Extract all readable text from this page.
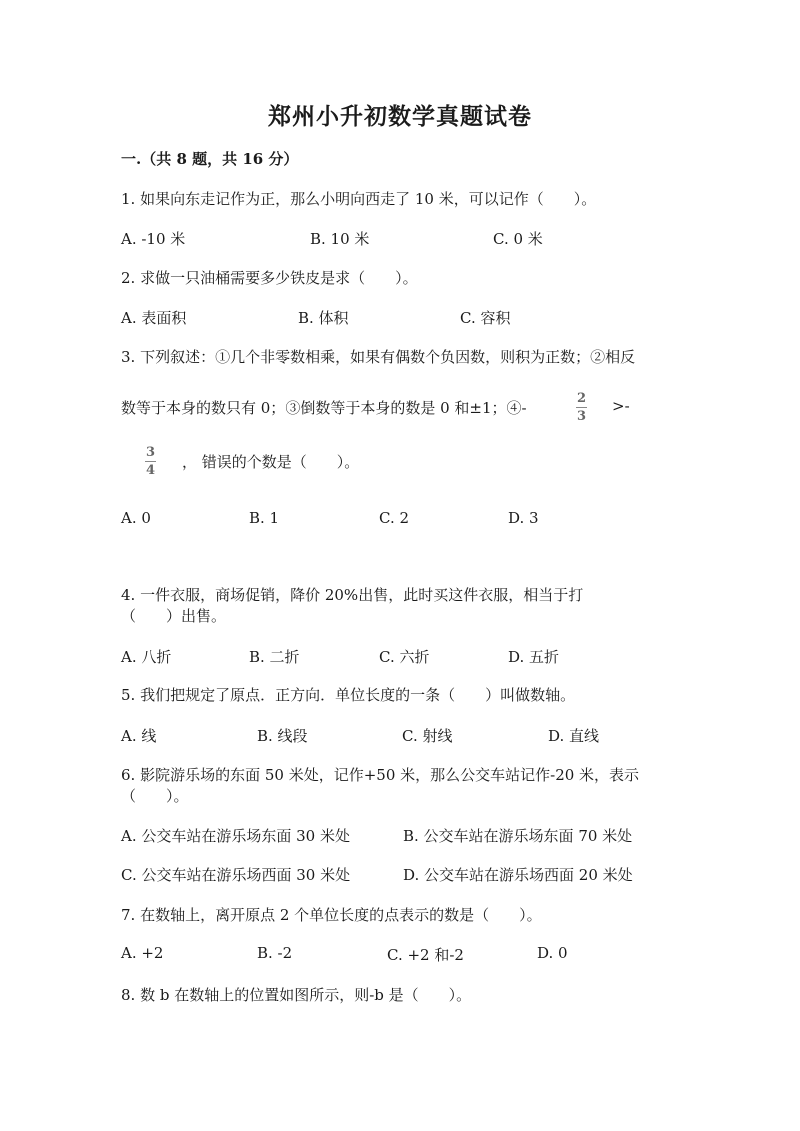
郑州小升初数学真题试卷
一.（共 8 题，共 16 分）
1. 如果向东走记作为正，那么小明向西走了 10 米，可以记作（　　）。
A. -10 米	B. 10 米	C. 0 米
2. 求做一只油桶需要多少铁皮是求（　　）。
A. 表面积	B. 体积	C. 容积
3. 下列叙述：①几个非零数相乘，如果有偶数个负因数，则积为正数；②相反
数等于本身的数只有 0；③倒数等于本身的数是 0 和±1；④-	$\frac{2}{3}$ >-
$\frac{3}{4}$ ， 错误的个数是（　　）。
A. 0	B. 1	C. 2	D. 3
4. 一件衣服，商场促销，降价 20%出售，此时买这件衣服，相当于打
（　　）出售。
A. 八折	B. 二折	C. 六折	D. 五折
5. 我们把规定了原点．正方向．单位长度的一条（　　）叫做数轴。
A. 线	B. 线段	C. 射线	D. 直线
6. 影院游乐场的东面 50 米处，记作+50 米，那么公交车站记作-20 米，表示
（　　）。
A. 公交车站在游乐场东面 30 米处	B. 公交车站在游乐场东面 70 米处
C. 公交车站在游乐场西面 30 米处	D. 公交车站在游乐场西面 20 米处
7. 在数轴上，离开原点 2 个单位长度的点表示的数是（　　）。
A. +2	B. -2	C. +2 和-2	D. 0
8. 数 b 在数轴上的位置如图所示，则-b 是（　　）。
